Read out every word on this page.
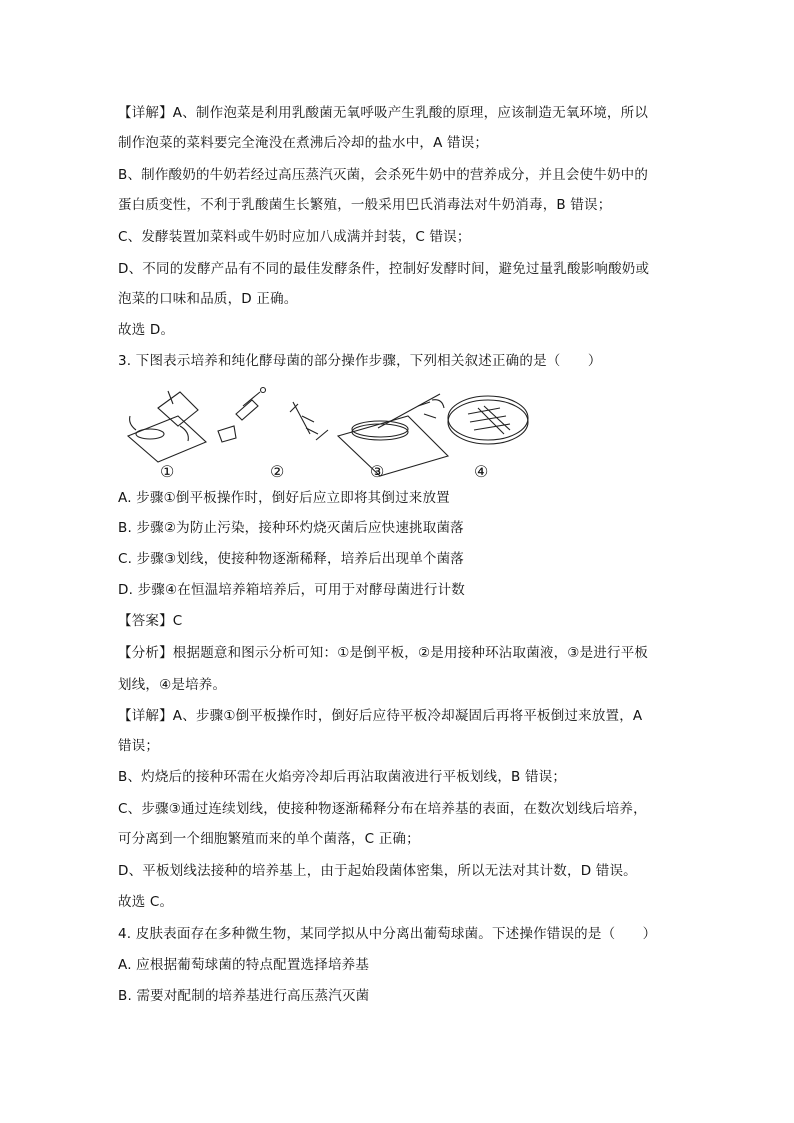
【详解】A、制作泡菜是利用乳酸菌无氧呼吸产生乳酸的原理，应该制造无氧环境，所以
制作泡菜的菜料要完全淹没在煮沸后冷却的盐水中，A 错误；
B、制作酸奶的牛奶若经过高压蒸汽灭菌，会杀死牛奶中的营养成分，并且会使牛奶中的
蛋白质变性，不利于乳酸菌生长繁殖，一般采用巴氏消毒法对牛奶消毒，B 错误；
C、发酵装置加菜料或牛奶时应加八成满并封装，C 错误；
D、不同的发酵产品有不同的最佳发酵条件，控制好发酵时间，避免过量乳酸影响酸奶或
泡菜的口味和品质，D 正确。
故选 D。
3. 下图表示培养和纯化酵母菌的部分操作步骤，下列相关叙述正确的是（　　）
①	②	③	④
A. 步骤①倒平板操作时，倒好后应立即将其倒过来放置
B. 步骤②为防止污染，接种环灼烧灭菌后应快速挑取菌落
C. 步骤③划线，使接种物逐渐稀释，培养后出现单个菌落
D. 步骤④在恒温培养箱培养后，可用于对酵母菌进行计数
【答案】C
【分析】根据题意和图示分析可知：①是倒平板，②是用接种环沾取菌液，③是进行平板
划线，④是培养。
【详解】A、步骤①倒平板操作时，倒好后应待平板冷却凝固后再将平板倒过来放置，A
错误；
B、灼烧后的接种环需在火焰旁冷却后再沾取菌液进行平板划线，B 错误；
C、步骤③通过连续划线，使接种物逐渐稀释分布在培养基的表面，在数次划线后培养，
可分离到一个细胞繁殖而来的单个菌落，C 正确；
D、平板划线法接种的培养基上，由于起始段菌体密集，所以无法对其计数，D 错误。
故选 C。
4. 皮肤表面存在多种微生物，某同学拟从中分离出葡萄球菌。下述操作错误的是（　　）
A. 应根据葡萄球菌的特点配置选择培养基
B. 需要对配制的培养基进行高压蒸汽灭菌
